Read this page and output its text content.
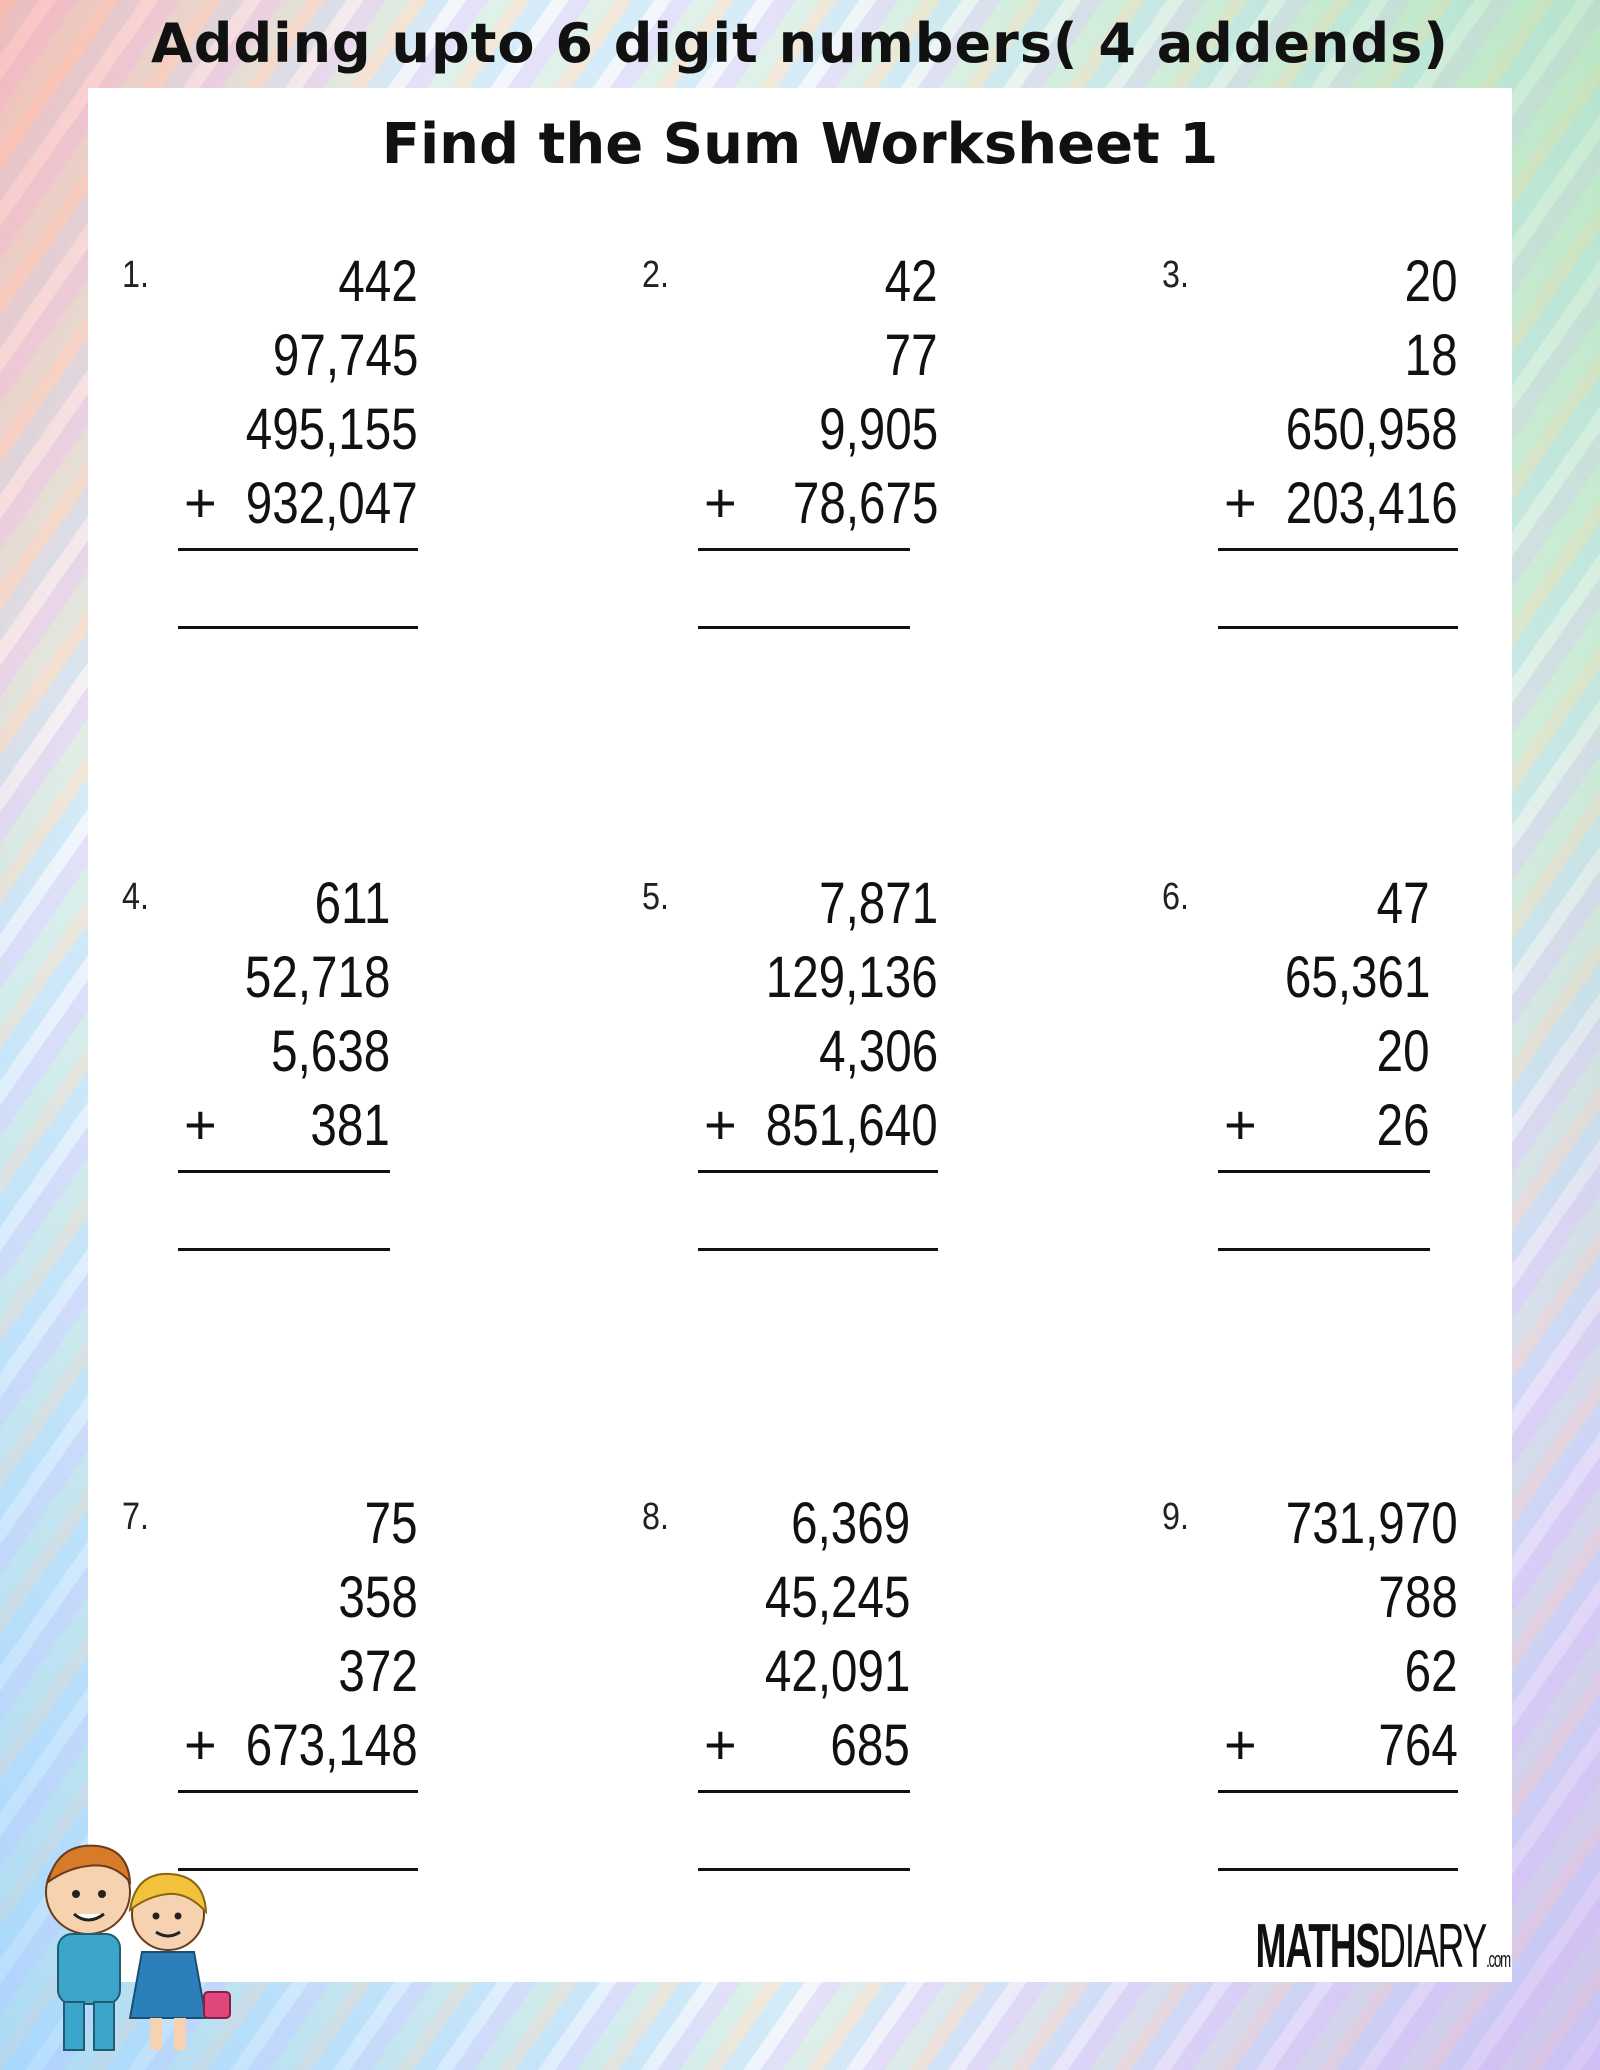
Adding upto 6 digit numbers( 4 addends)
Find the Sum Worksheet 1
1.	442
97,745
495,155
932,047
+
2.	42
77
9,905
78,675
+
3.	20
18
650,958
203,416
+
4.	611
52,718
5,638
381
+
5.	7,871
129,136
4,306
851,640
+
6.	47
65,361
20
26
+
7.	75
358
372
673,148
+
8. 6,369
45,245
42,091
685
+
9. 731,970
788
62
764
+
MATHSDIARY.com
